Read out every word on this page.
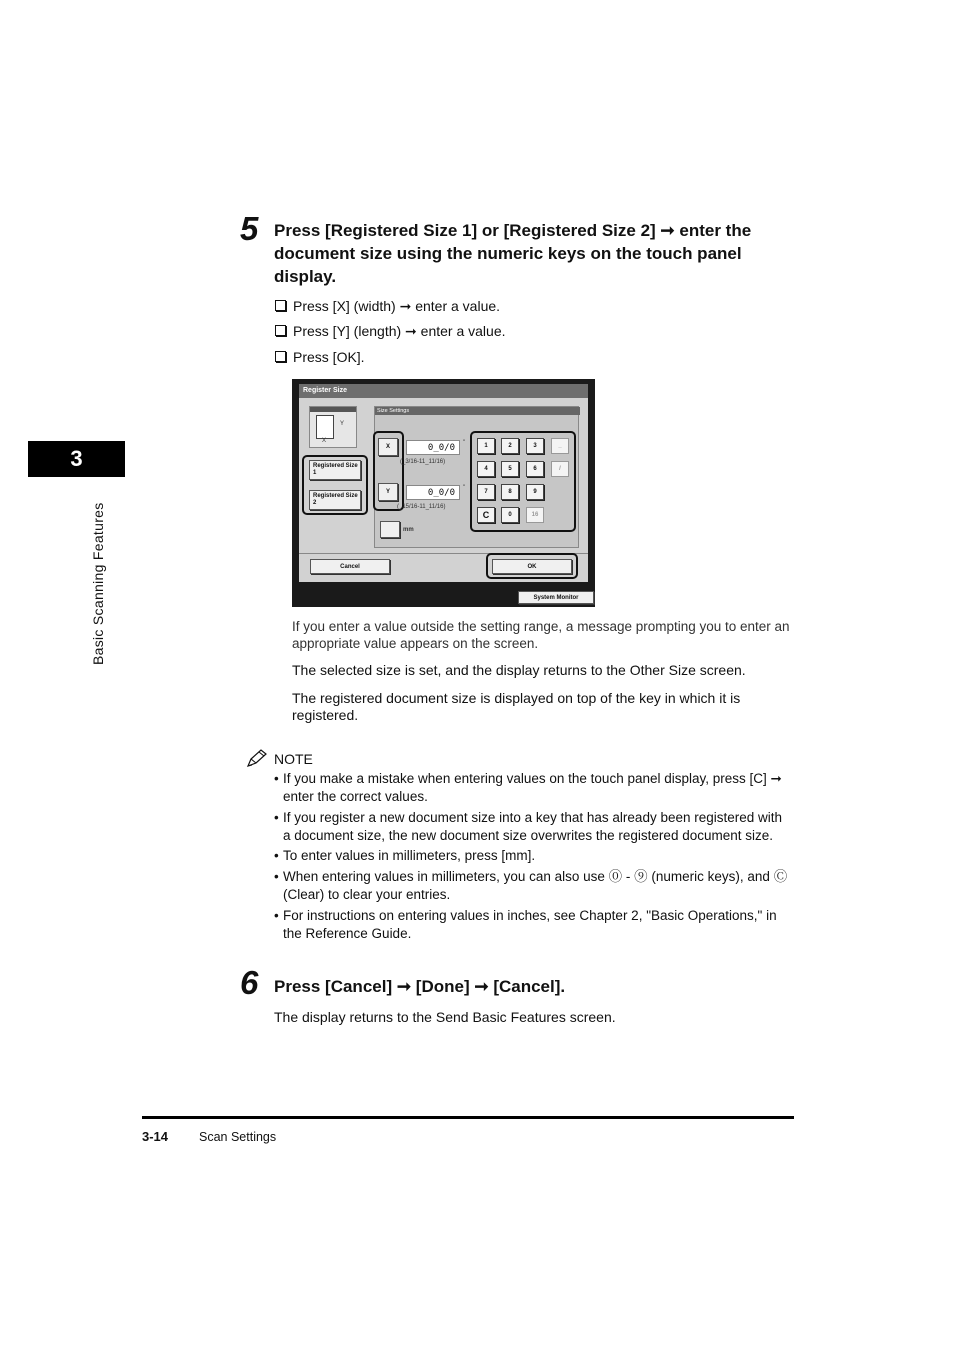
3
Basic Scanning Features
5 Press [Registered Size 1] or [Registered Size 2] ➞ enter the
document size using the numeric keys on the touch panel
display.
Press [X] (width) ➞ enter a value.
Press [Y] (length) ➞ enter a value.
Press [OK].
Register Size
Y
X
Registered Size 1
Registered Size 2
Size Settings
X
Y
0_0/0	"
(_3/16-11_11/16)
0_0/0	"
(_15/16-11_11/16)
mm
1	2	3	_
4	5	6	/
7	8	9
C	0	16
Cancel	OK
System Monitor
If you enter a value outside the setting range, a message prompting you to enter an appropriate value appears on the screen.
The selected size is set, and the display returns to the Other Size screen.
The registered document size is displayed on top of the key in which it is registered.
NOTE
• If you make a mistake when entering values on the touch panel display, press [C] ➞ enter the correct values.
• If you register a new document size into a key that has already been registered with a document size, the new document size overwrites the registered document size.
• To enter values in millimeters, press [mm].
• When entering values in millimeters, you can also use ⓪ - ⑨ (numeric keys), and Ⓒ (Clear) to clear your entries.
• For instructions on entering values in inches, see Chapter 2, "Basic Operations," in the Reference Guide.
6 Press [Cancel] ➞ [Done] ➞ [Cancel].
The display returns to the Send Basic Features screen.
3-14 Scan Settings
